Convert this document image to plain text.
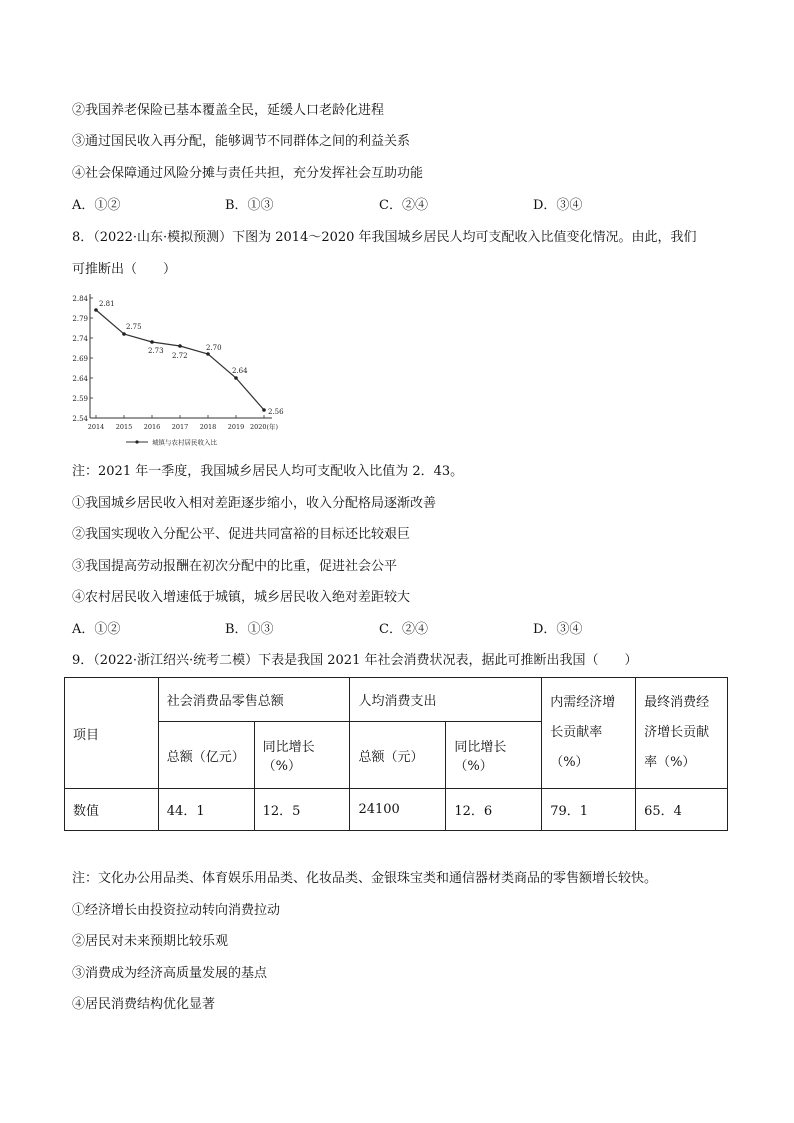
②我国养老保险已基本覆盖全民，延缓人口老龄化进程
③通过国民收入再分配，能够调节不同群体之间的利益关系
④社会保障通过风险分摊与责任共担，充分发挥社会互助功能
A．①②	B．①③	C．②④	D．③④
8．（2022·山东·模拟预测）下图为 2014～2020 年我国城乡居民人均可支配收入比值变化情况。由此，我们
可推断出（　　）
2.84
2.79
2.74
2.69
2.64
2.59
2.54
2014 2015 2016 2017 2018 2019 2020(年)
2.81
2.75
2.73
2.72
2.70
2.64
2.56
城镇与农村居民收入比
注：2021 年一季度，我国城乡居民人均可支配收入比值为 2．43。
①我国城乡居民收入相对差距逐步缩小，收入分配格局逐渐改善
②我国实现收入分配公平、促进共同富裕的目标还比较艰巨
③我国提高劳动报酬在初次分配中的比重，促进社会公平
④农村居民收入增速低于城镇，城乡居民收入绝对差距较大
A．①②	B．①③	C．②④	D．③④
9．（2022·浙江绍兴·统考二模）下表是我国 2021 年社会消费状况表，据此可推断出我国（　　）
项目	社会消费品零售总额		人均消费支出		内需经济增长贡献率（%）	最终消费经济增长贡献率（%）
	总额（亿元）	同比增长（%）	总额（元）	同比增长（%）		
数值	44．1	12．5	24100	12．6	79．1	65．4
注：文化办公用品类、体育娱乐用品类、化妆品类、金银珠宝类和通信器材类商品的零售额增长较快。
①经济增长由投资拉动转向消费拉动
②居民对未来预期比较乐观
③消费成为经济高质量发展的基点
④居民消费结构优化显著
